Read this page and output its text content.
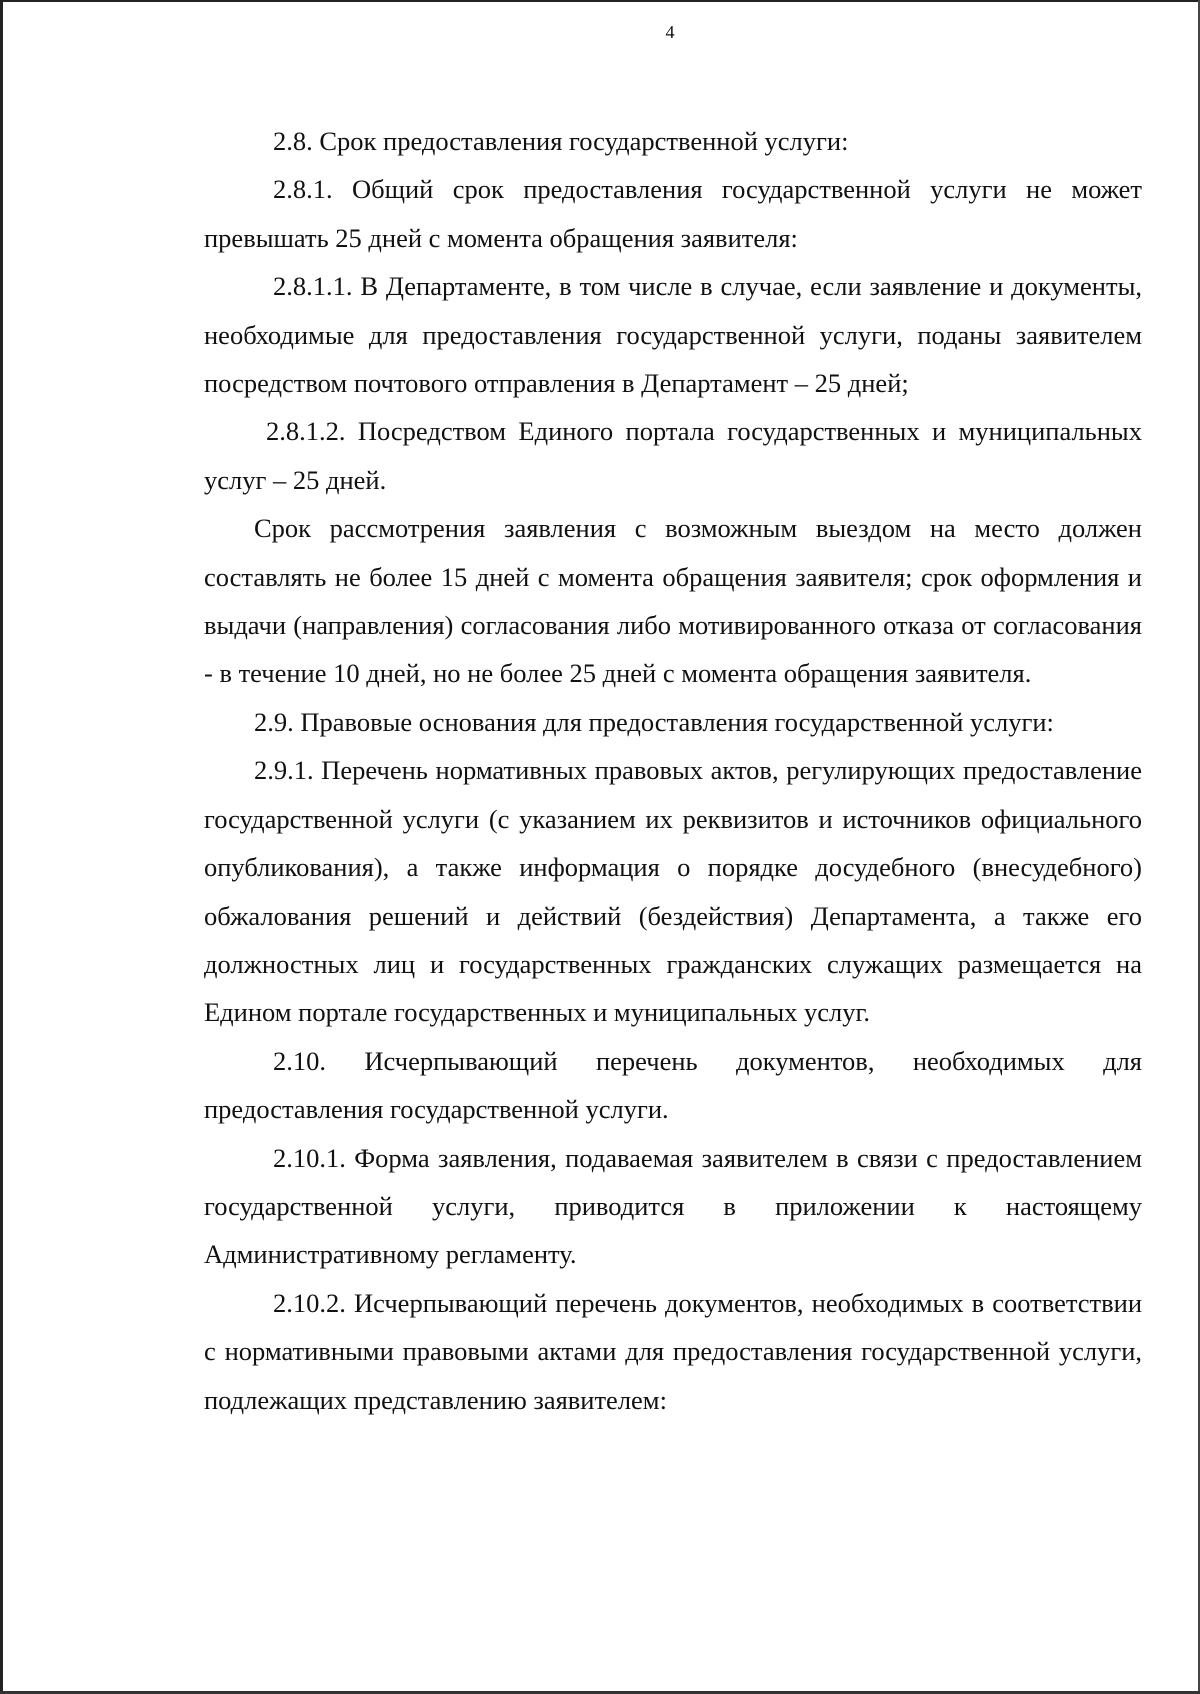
4

2.8. Срок предоставления государственной услуги:

2.8.1. Общий срок предоставления государственной услуги не может превышать 25 дней с момента обращения заявителя:

2.8.1.1. В Департаменте, в том числе в случае, если заявление и документы, необходимые для предоставления государственной услуги, поданы заявителем посредством почтового отправления в Департамент – 25 дней;

2.8.1.2. Посредством Единого портала государственных и муниципальных услуг – 25 дней.

Срок рассмотрения заявления с возможным выездом на место должен составлять не более 15 дней с момента обращения заявителя; срок оформления и выдачи (направления) согласования либо мотивированного отказа от согласования - в течение 10 дней, но не более 25 дней с момента обращения заявителя.

2.9. Правовые основания для предоставления государственной услуги:

2.9.1. Перечень нормативных правовых актов, регулирующих предоставление государственной услуги (с указанием их реквизитов и источников официального опубликования), а также информация о порядке досудебного (внесудебного) обжалования решений и действий (бездействия) Департамента, а также его должностных лиц и государственных гражданских служащих размещается на Едином портале государственных и муниципальных услуг.

2.10. Исчерпывающий перечень документов, необходимых для предоставления государственной услуги.

2.10.1. Форма заявления, подаваемая заявителем в связи с предоставлением государственной услуги, приводится в приложении к настоящему Административному регламенту.

2.10.2. Исчерпывающий перечень документов, необходимых в соответствии с нормативными правовыми актами для предоставления государственной услуги, подлежащих представлению заявителем:
